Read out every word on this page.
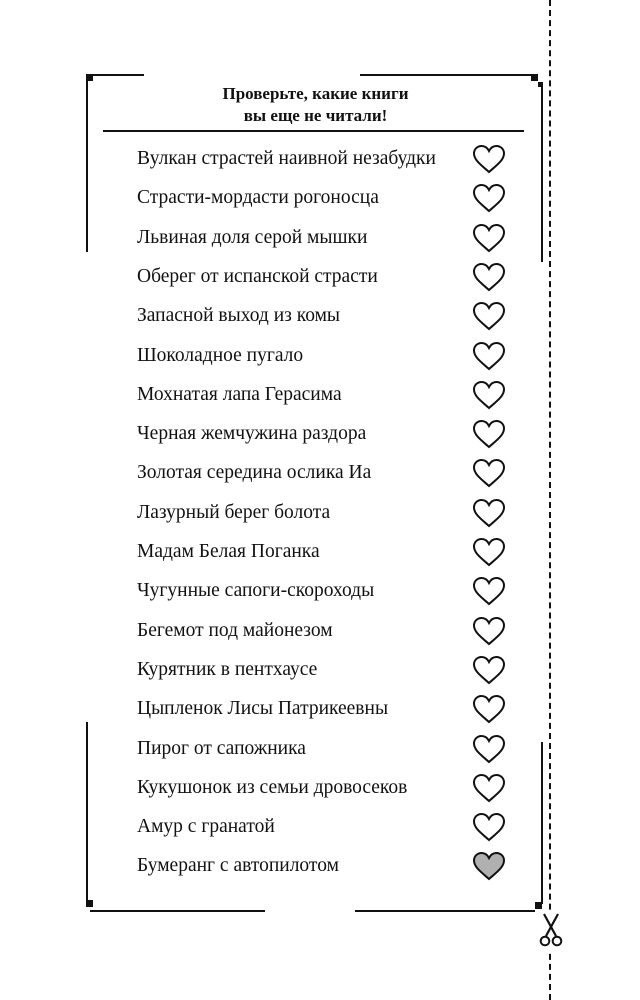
Проверьте, какие книги
вы еще не читали!
Вулкан страстей наивной незабудки
Страсти-мордасти рогоносца
Львиная доля серой мышки
Оберег от испанской страсти
Запасной выход из комы
Шоколадное пугало
Мохнатая лапа Герасима
Черная жемчужина раздора
Золотая середина ослика Иа
Лазурный берег болота
Мадам Белая Поганка
Чугунные сапоги-скороходы
Бегемот под майонезом
Курятник в пентхаусе
Цыпленок Лисы Патрикеевны
Пирог от сапожника
Кукушонок из семьи дровосеков
Амур с гранатой
Бумеранг с автопилотом
